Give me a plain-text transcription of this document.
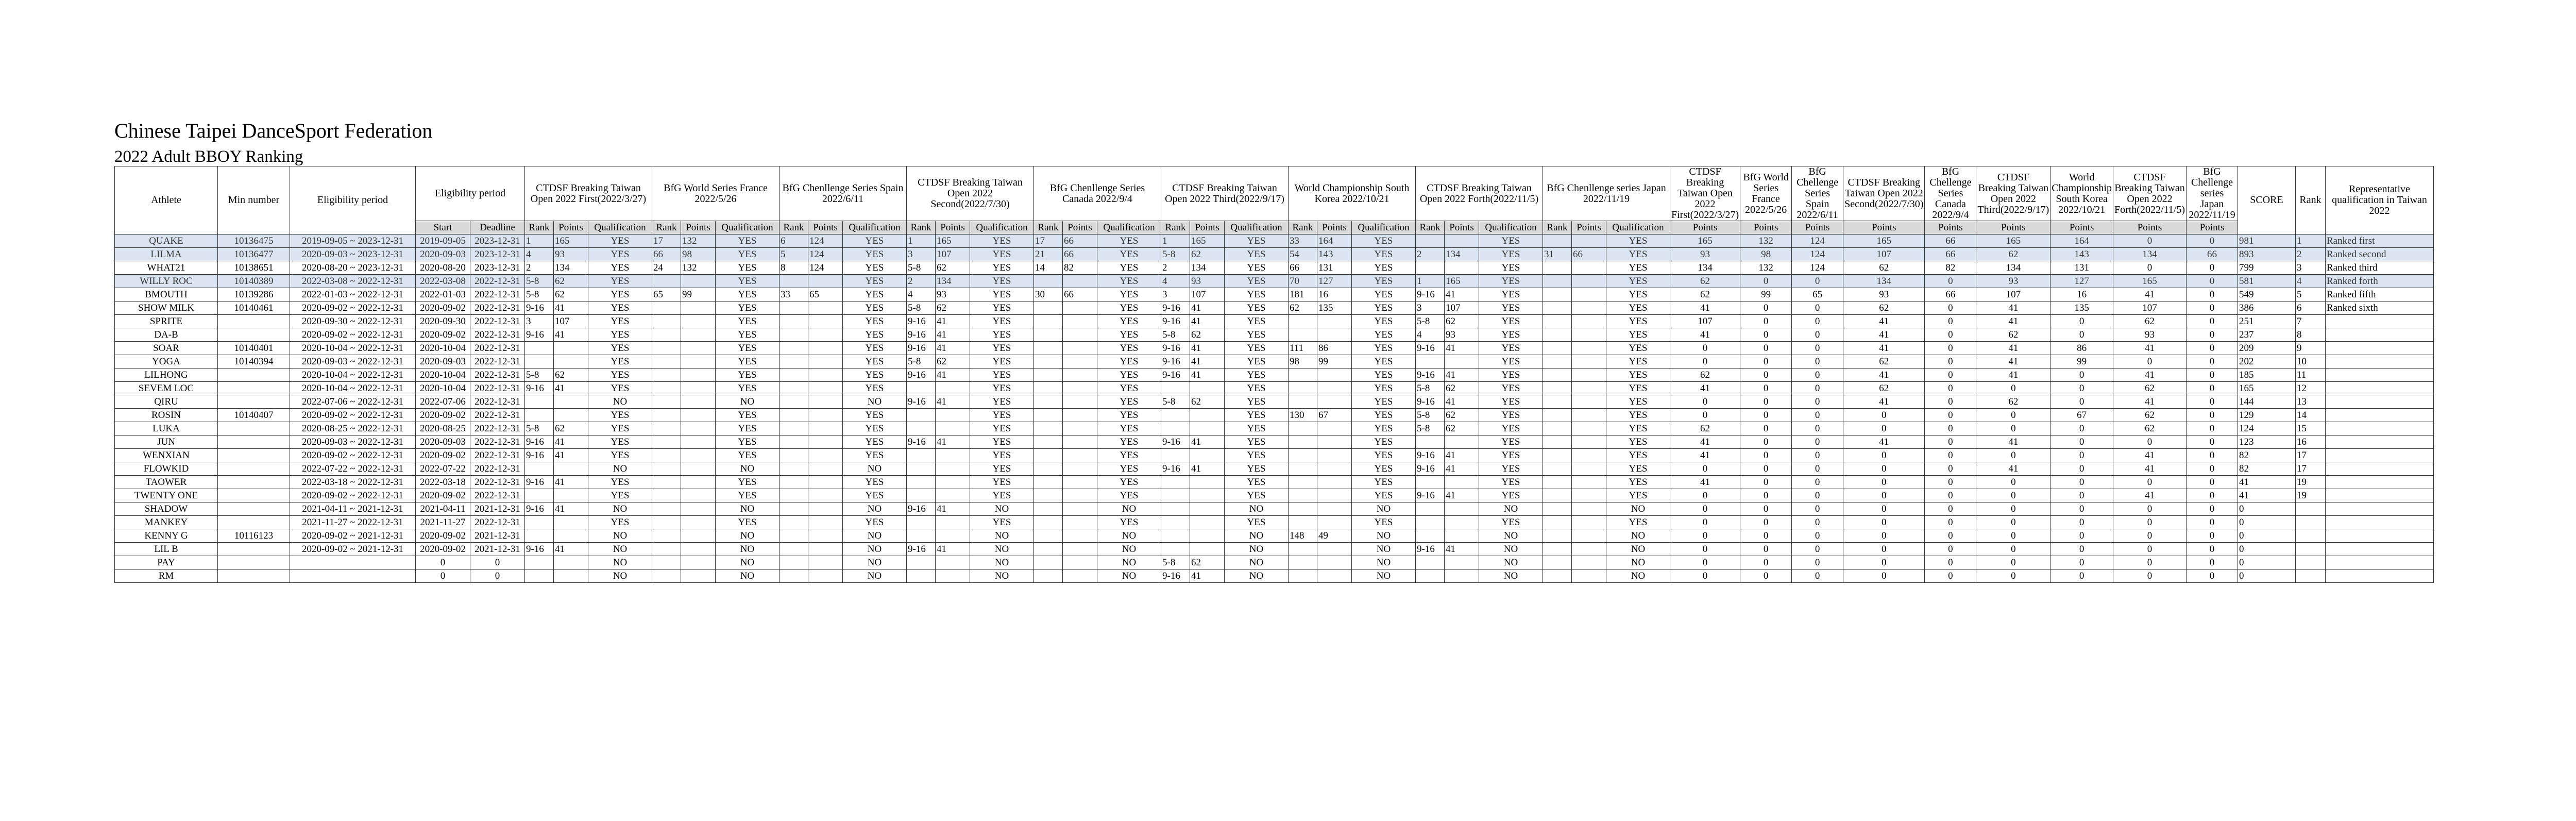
Chinese Taipei DanceSport Federation
2022 Adult BBOY Ranking
Athlete	Min number	Eligibility period	Eligibility period		CTDSF Breaking Taiwan Open 2022 First(2022/3/27)			BfG World Series France 2022/5/26			BfG Chenllenge Series Spain 2022/6/11			CTDSF Breaking Taiwan Open 2022 Second(2022/7/30)			BfG Chenllenge Series Canada 2022/9/4			CTDSF Breaking Taiwan Open 2022 Third(2022/9/17)			World Championship South Korea 2022/10/21			CTDSF Breaking Taiwan Open 2022 Forth(2022/11/5)			BfG Chenllenge series Japan 2022/11/19			CTDSF Breaking Taiwan Open 2022 First(2022/3/27)	BfG World Series France 2022/5/26	BfG Chellenge Series Spain 2022/6/11	CTDSF Breaking Taiwan Open 2022 Second(2022/7/30)	BfG Chellenge Series Canada 2022/9/4	CTDSF Breaking Taiwan Open 2022 Third(2022/9/17)	World Championship South Korea 2022/10/21	CTDSF Breaking Taiwan Open 2022 Forth(2022/11/5)	BfG Chellenge series Japan 2022/11/19	SCORE	Rank	Representative qualification in Taiwan 2022
			Start	Deadline	Rank	Points	Qualification	Rank	Points	Qualification	Rank	Points	Qualification	Rank	Points	Qualification	Rank	Points	Qualification	Rank	Points	Qualification	Rank	Points	Qualification	Rank	Points	Qualification	Rank	Points	Qualification	Points	Points	Points	Points	Points	Points	Points	Points	Points			
QUAKE	10136475	2019-09-05 ~ 2023-12-31	2019-09-05	2023-12-31	1	165	YES	17	132	YES	6	124	YES	1	165	YES	17	66	YES	1	165	YES	33	164	YES			YES			YES	165	132	124	165	66	165	164	0	0	981	1	Ranked first
LILMA	10136477	2020-09-03 ~ 2023-12-31	2020-09-03	2023-12-31	4	93	YES	66	98	YES	5	124	YES	3	107	YES	21	66	YES	5-8	62	YES	54	143	YES	2	134	YES	31	66	YES	93	98	124	107	66	62	143	134	66	893	2	Ranked second
WHAT21	10138651	2020-08-20 ~ 2023-12-31	2020-08-20	2023-12-31	2	134	YES	24	132	YES	8	124	YES	5-8	62	YES	14	82	YES	2	134	YES	66	131	YES			YES			YES	134	132	124	62	82	134	131	0	0	799	3	Ranked third
WILLY ROC	10140389	2022-03-08 ~ 2022-12-31	2022-03-08	2022-12-31	5-8	62	YES			YES			YES	2	134	YES			YES	4	93	YES	70	127	YES	1	165	YES			YES	62	0	0	134	0	93	127	165	0	581	4	Ranked forth
BMOUTH	10139286	2022-01-03 ~ 2022-12-31	2022-01-03	2022-12-31	5-8	62	YES	65	99	YES	33	65	YES	4	93	YES	30	66	YES	3	107	YES	181	16	YES	9-16	41	YES			YES	62	99	65	93	66	107	16	41	0	549	5	Ranked fifth
SHOW MILK	10140461	2020-09-02 ~ 2022-12-31	2020-09-02	2022-12-31	9-16	41	YES			YES			YES	5-8	62	YES			YES	9-16	41	YES	62	135	YES	3	107	YES			YES	41	0	0	62	0	41	135	107	0	386	6	Ranked sixth
SPRITE		2020-09-30 ~ 2022-12-31	2020-09-30	2022-12-31	3	107	YES			YES			YES	9-16	41	YES			YES	9-16	41	YES			YES	5-8	62	YES			YES	107	0	0	41	0	41	0	62	0	251	7	
DA-B		2020-09-02 ~ 2022-12-31	2020-09-02	2022-12-31	9-16	41	YES			YES			YES	9-16	41	YES			YES	5-8	62	YES			YES	4	93	YES			YES	41	0	0	41	0	62	0	93	0	237	8	
SOAR	10140401	2020-10-04 ~ 2022-12-31	2020-10-04	2022-12-31			YES			YES			YES	9-16	41	YES			YES	9-16	41	YES	111	86	YES	9-16	41	YES			YES	0	0	0	41	0	41	86	41	0	209	9	
YOGA	10140394	2020-09-03 ~ 2022-12-31	2020-09-03	2022-12-31			YES			YES			YES	5-8	62	YES			YES	9-16	41	YES	98	99	YES			YES			YES	0	0	0	62	0	41	99	0	0	202	10	
LILHONG		2020-10-04 ~ 2022-12-31	2020-10-04	2022-12-31	5-8	62	YES			YES			YES	9-16	41	YES			YES	9-16	41	YES			YES	9-16	41	YES			YES	62	0	0	41	0	41	0	41	0	185	11	
SEVEM LOC		2020-10-04 ~ 2022-12-31	2020-10-04	2022-12-31	9-16	41	YES			YES			YES			YES			YES			YES			YES	5-8	62	YES			YES	41	0	0	62	0	0	0	62	0	165	12	
QIRU		2022-07-06 ~ 2022-12-31	2022-07-06	2022-12-31			NO			NO			NO	9-16	41	YES			YES	5-8	62	YES			YES	9-16	41	YES			YES	0	0	0	41	0	62	0	41	0	144	13	
ROSIN	10140407	2020-09-02 ~ 2022-12-31	2020-09-02	2022-12-31			YES			YES			YES			YES			YES			YES	130	67	YES	5-8	62	YES			YES	0	0	0	0	0	0	67	62	0	129	14	
LUKA		2020-08-25 ~ 2022-12-31	2020-08-25	2022-12-31	5-8	62	YES			YES			YES			YES			YES			YES			YES	5-8	62	YES			YES	62	0	0	0	0	0	0	62	0	124	15	
JUN		2020-09-03 ~ 2022-12-31	2020-09-03	2022-12-31	9-16	41	YES			YES			YES	9-16	41	YES			YES	9-16	41	YES			YES			YES			YES	41	0	0	41	0	41	0	0	0	123	16	
WENXIAN		2020-09-02 ~ 2022-12-31	2020-09-02	2022-12-31	9-16	41	YES			YES			YES			YES			YES			YES			YES	9-16	41	YES			YES	41	0	0	0	0	0	0	41	0	82	17	
FLOWKID		2022-07-22 ~ 2022-12-31	2022-07-22	2022-12-31			NO			NO			NO			YES			YES	9-16	41	YES			YES	9-16	41	YES			YES	0	0	0	0	0	41	0	41	0	82	17	
TAOWER		2022-03-18 ~ 2022-12-31	2022-03-18	2022-12-31	9-16	41	YES			YES			YES			YES			YES			YES			YES			YES			YES	41	0	0	0	0	0	0	0	0	41	19	
TWENTY ONE		2020-09-02 ~ 2022-12-31	2020-09-02	2022-12-31			YES			YES			YES			YES			YES			YES			YES	9-16	41	YES			YES	0	0	0	0	0	0	0	41	0	41	19	
SHADOW		2021-04-11 ~ 2021-12-31	2021-04-11	2021-12-31	9-16	41	NO			NO			NO	9-16	41	NO			NO			NO			NO			NO			NO	0	0	0	0	0	0	0	0	0	0		
MANKEY		2021-11-27 ~ 2022-12-31	2021-11-27	2022-12-31			YES			YES			YES			YES			YES			YES			YES			YES			YES	0	0	0	0	0	0	0	0	0	0		
KENNY G	10116123	2020-09-02 ~ 2021-12-31	2020-09-02	2021-12-31			NO			NO			NO			NO			NO			NO	148	49	NO			NO			NO	0	0	0	0	0	0	0	0	0	0		
LIL B		2020-09-02 ~ 2021-12-31	2020-09-02	2021-12-31	9-16	41	NO			NO			NO	9-16	41	NO			NO			NO			NO	9-16	41	NO			NO	0	0	0	0	0	0	0	0	0	0		
PAY			0	0			NO			NO			NO			NO			NO	5-8	62	NO			NO			NO			NO	0	0	0	0	0	0	0	0	0	0		
RM			0	0			NO			NO			NO			NO			NO	9-16	41	NO			NO			NO			NO	0	0	0	0	0	0	0	0	0	0		
